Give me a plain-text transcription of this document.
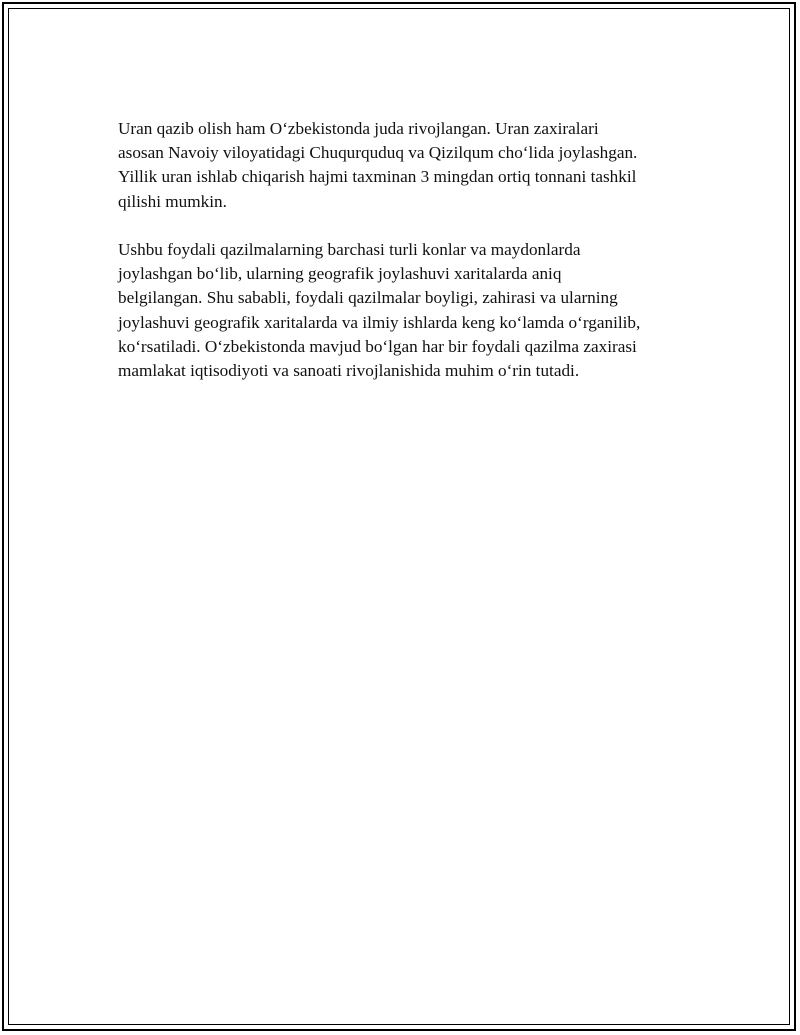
Uran qazib olish ham O‘zbekistonda juda rivojlangan. Uran zaxiralari
asosan Navoiy viloyatidagi Chuqurquduq va Qizilqum cho‘lida joylashgan.
Yillik uran ishlab chiqarish hajmi taxminan 3 mingdan ortiq tonnani tashkil
qilishi mumkin.

Ushbu foydali qazilmalarning barchasi turli konlar va maydonlarda
joylashgan bo‘lib, ularning geografik joylashuvi xaritalarda aniq
belgilangan. Shu sababli, foydali qazilmalar boyligi, zahirasi va ularning
joylashuvi geografik xaritalarda va ilmiy ishlarda keng ko‘lamda o‘rganilib,
ko‘rsatiladi. O‘zbekistonda mavjud bo‘lgan har bir foydali qazilma zaxirasi
mamlakat iqtisodiyoti va sanoati rivojlanishida muhim o‘rin tutadi.
